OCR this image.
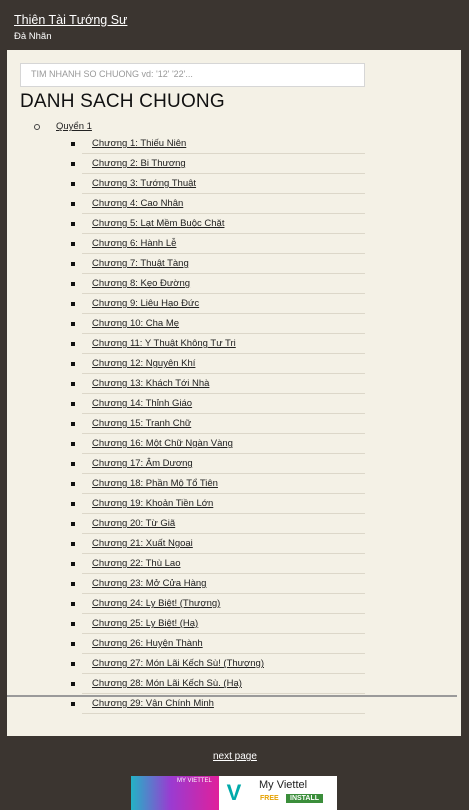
Thiên Tài Tướng Sư
Đả Nhãn
TIM NHANH SO CHUONG vd: '12' '22'...
DANH SACH CHUONG
Quyển 1
Chương 1: Thiếu Niên
Chương 2: Bi Thương
Chương 3: Tướng Thuật
Chương 4: Cao Nhân
Chương 5: Lạt Mềm Buộc Chặt
Chương 6: Hành Lễ
Chương 7: Thuật Tàng
Chương 8: Kẹo Đường
Chương 9: Liêu Hạo Đức
Chương 10: Cha Mẹ
Chương 11: Y Thuật Không Tư Tri
Chương 12: Nguyên Khí
Chương 13: Khách Tới Nhà
Chương 14: Thỉnh Giáo
Chương 15: Tranh Chữ
Chương 16: Một Chữ Ngàn Vàng
Chương 17: Âm Dương
Chương 18: Phần Mộ Tổ Tiên
Chương 19: Khoản Tiền Lớn
Chương 20: Từ Giã
Chương 21: Xuất Ngoại
Chương 22: Thù Lao
Chương 23: Mở Cửa Hàng
Chương 24: Ly Biệt! (Thượng)
Chương 25: Ly Biệt! (Hạ)
Chương 26: Huyện Thành
Chương 27: Món Lãi Kếch Sù! (Thượng)
Chương 28: Món Lãi Kếch Sù. (Hạ)
Chương 29: Vận Chính Minh
next page
MY VIETTEL V	My Viettel
FREE	INSTALL
